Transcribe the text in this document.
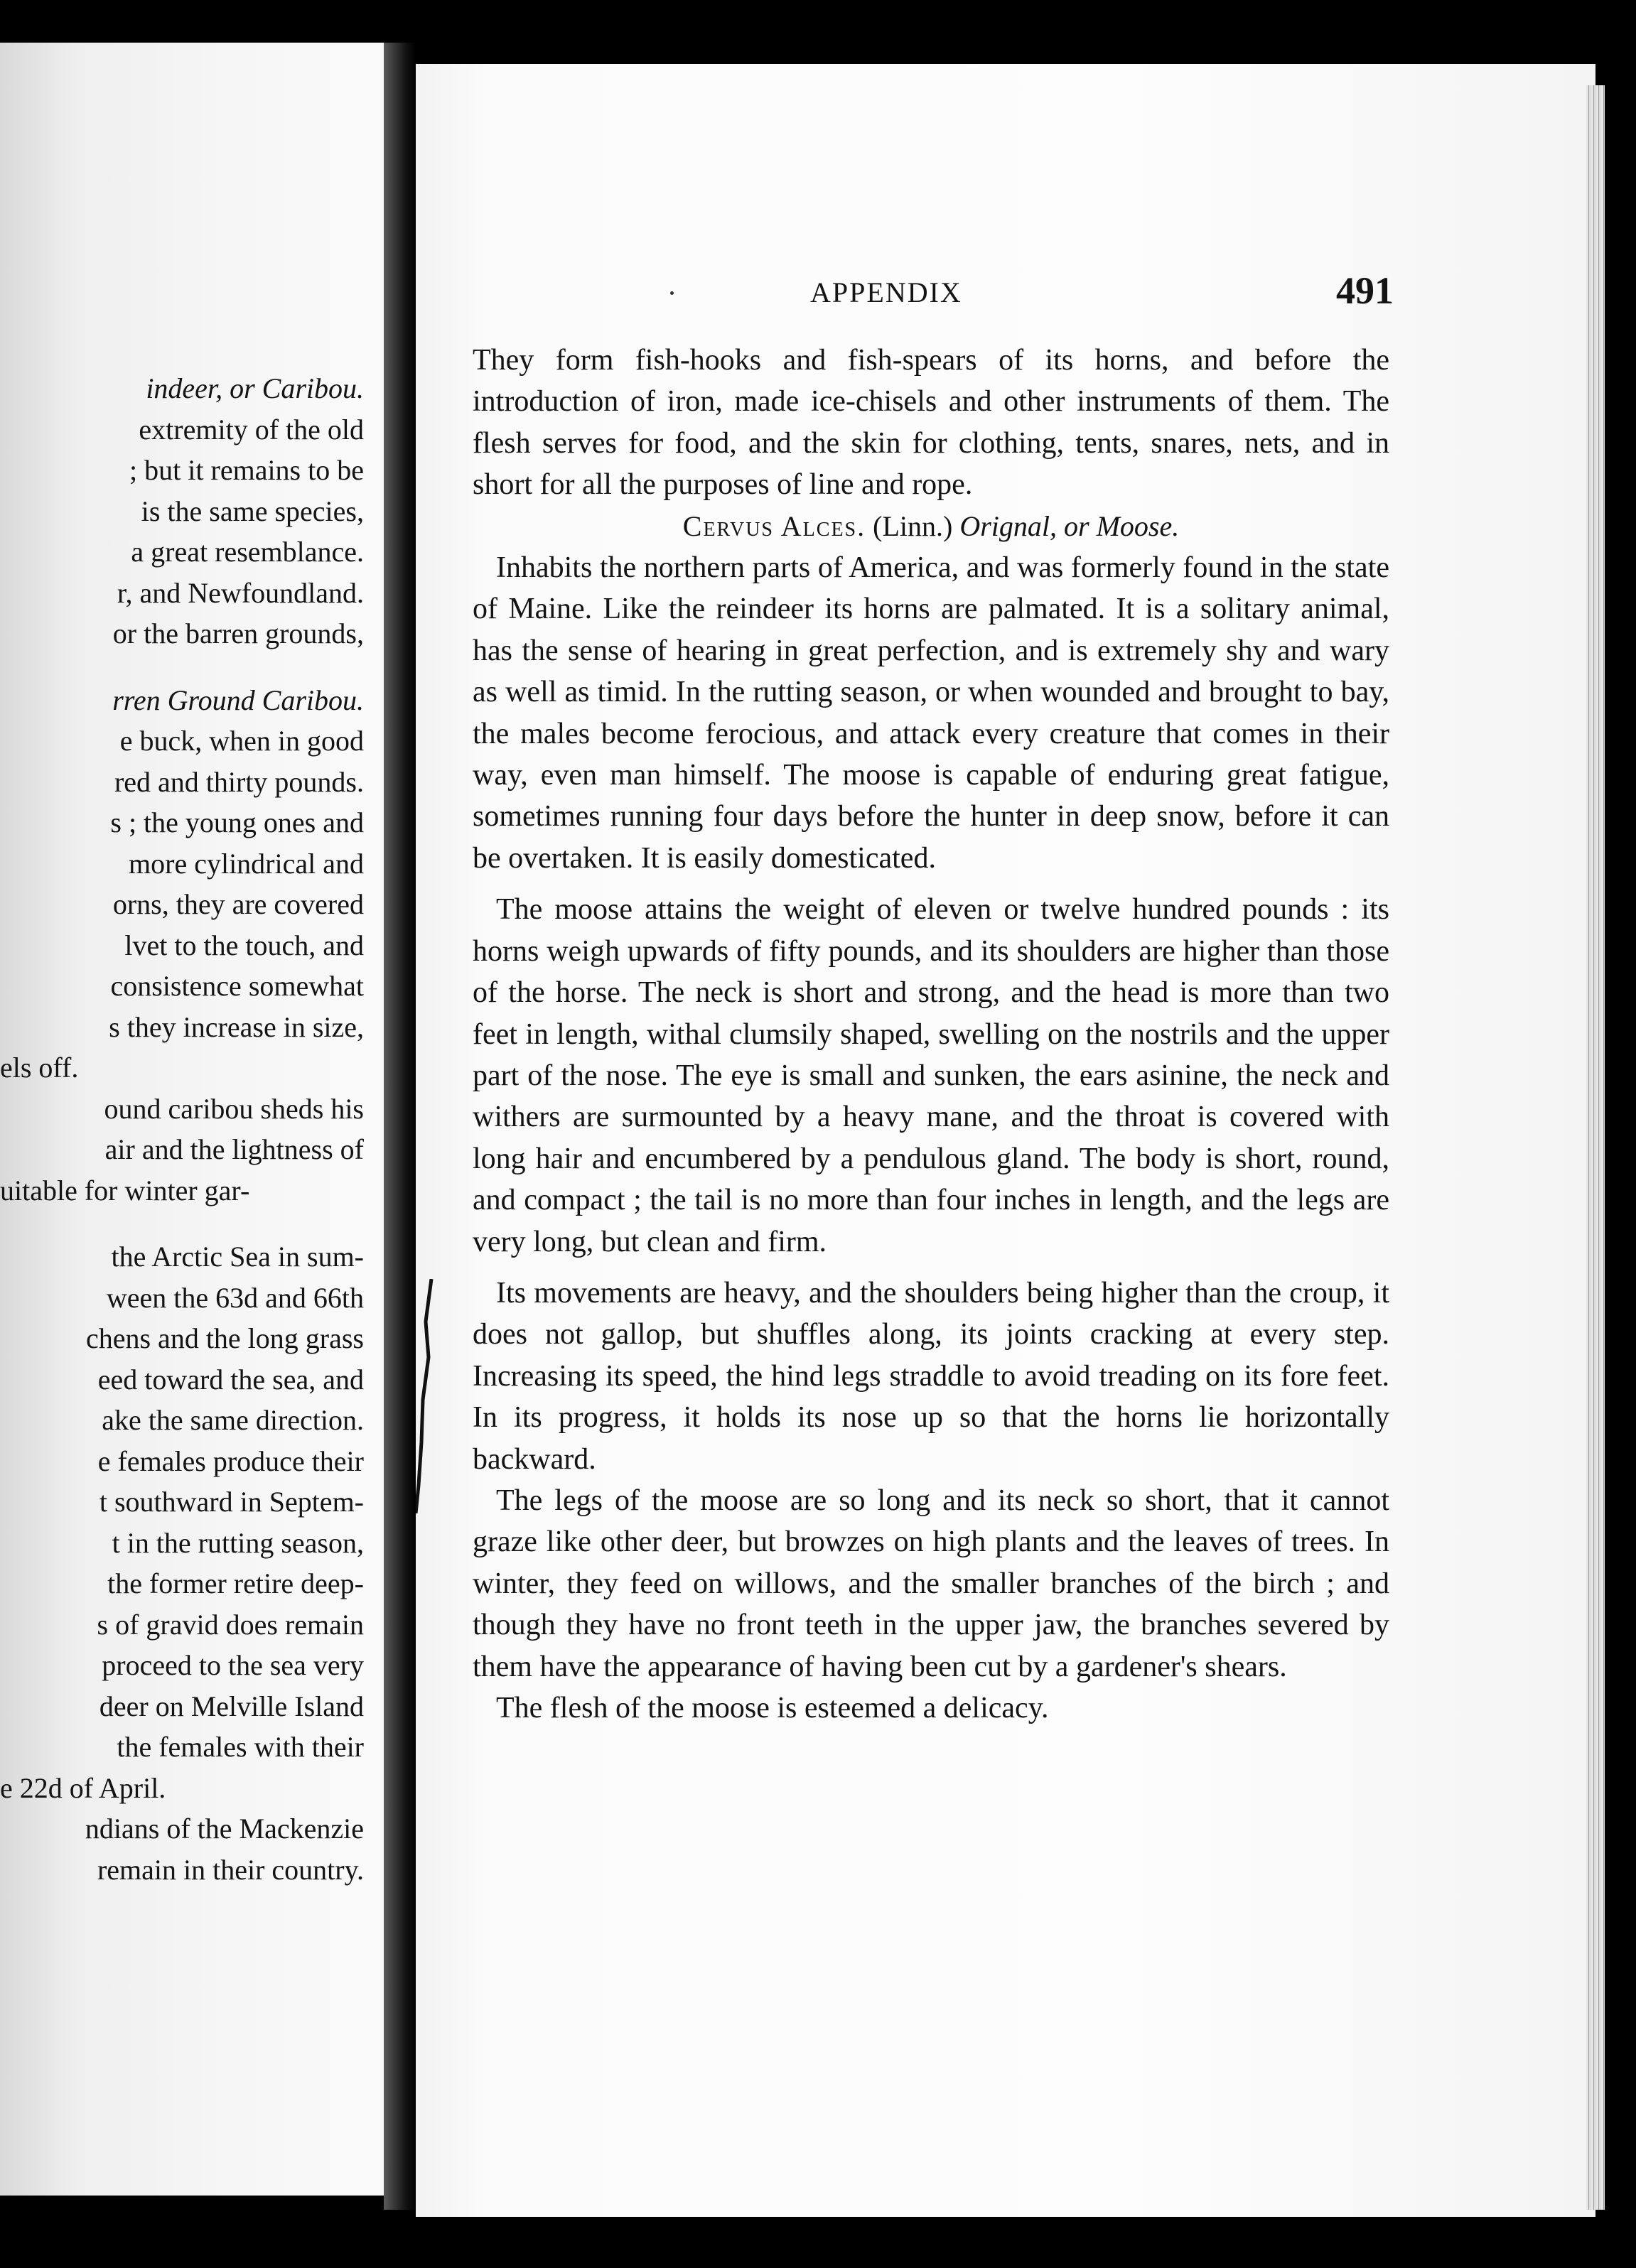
indeer, or Caribou.
extremity of the old
; but it remains to be
is the same species,
a great resemblance.
r, and Newfoundland.
or the barren grounds,
rren Ground Caribou.
e buck, when in good
red and thirty pounds.
s ; the young ones and
more cylindrical and
orns, they are covered
lvet to the touch, and
consistence somewhat
s they increase in size,
els off.
ound caribou sheds his
air and the lightness of
uitable for winter gar-
the Arctic Sea in sum-
ween the 63d and 66th
chens and the long grass
eed toward the sea, and
ake the same direction.
e females produce their
t southward in Septem-
t in the rutting season,
the former retire deep-
s of gravid does remain
proceed to the sea very
deer on Melville Island
the females with their
e 22d of April.
ndians of the Mackenzie
remain in their country.
APPENDIX	491

They form fish-hooks and fish-spears of its horns, and before the introduction of iron, made ice-chisels and other instruments of them. The flesh serves for food, and the skin for clothing, tents, snares, nets, and in short for all the purposes of line and rope.

Cervus Alces. (Linn.) Orignal, or Moose.

Inhabits the northern parts of America, and was formerly found in the state of Maine. Like the reindeer its horns are palmated. It is a solitary animal, has the sense of hearing in great perfection, and is extremely shy and wary as well as timid. In the rutting season, or when wounded and brought to bay, the males become ferocious, and attack every creature that comes in their way, even man himself. The moose is capable of enduring great fatigue, sometimes running four days before the hunter in deep snow, before it can be overtaken. It is easily domesticated.

The moose attains the weight of eleven or twelve hundred pounds : its horns weigh upwards of fifty pounds, and its shoulders are higher than those of the horse. The neck is short and strong, and the head is more than two feet in length, withal clumsily shaped, swelling on the nostrils and the upper part of the nose. The eye is small and sunken, the ears asinine, the neck and withers are surmounted by a heavy mane, and the throat is covered with long hair and encumbered by a pendulous gland. The body is short, round, and compact ; the tail is no more than four inches in length, and the legs are very long, but clean and firm.

Its movements are heavy, and the shoulders being higher than the croup, it does not gallop, but shuffles along, its joints cracking at every step. Increasing its speed, the hind legs straddle to avoid treading on its fore feet. In its progress, it holds its nose up so that the horns lie horizontally backward.

The legs of the moose are so long and its neck so short, that it cannot graze like other deer, but browzes on high plants and the leaves of trees. In winter, they feed on willows, and the smaller branches of the birch ; and though they have no front teeth in the upper jaw, the branches severed by them have the appearance of having been cut by a gardener's shears.

The flesh of the moose is esteemed a delicacy.
